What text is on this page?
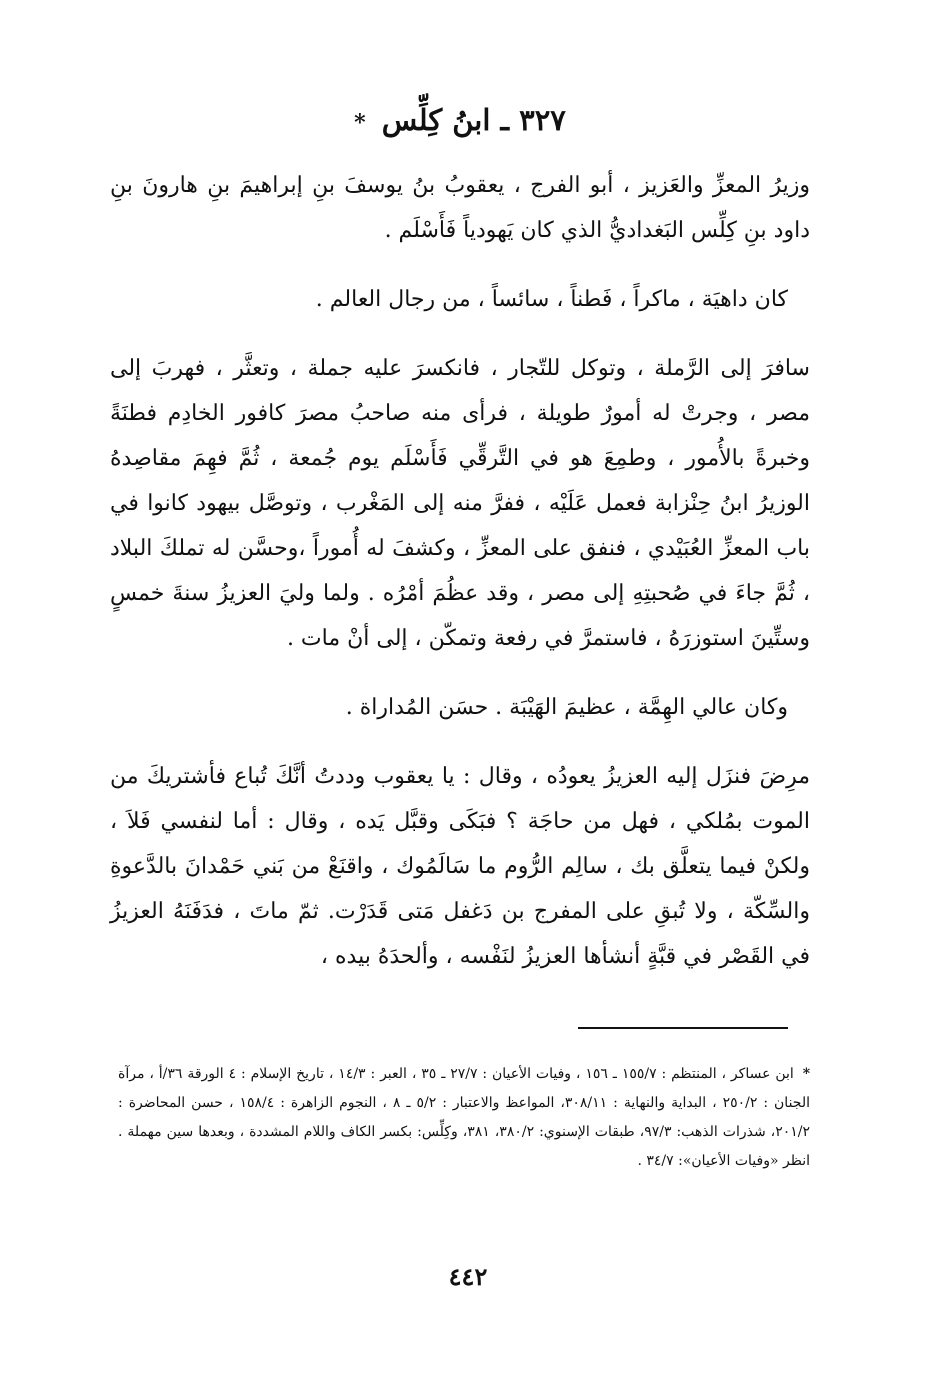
٣٢٧ ـ ابنُ كِلِّس *

وزيرُ المعزِّ والعَزيز ، أبو الفرج ، يعقوبُ بنُ يوسفَ بنِ إبراهيمَ بنِ هارونَ بنِ داود بنِ كِلِّس البَغداديُّ الذي كان يَهودياً فَأَسْلَم .

كان داهيَة ، ماكراً ، فَطناً ، سائساً ، من رجال العالم .

سافرَ إلى الرَّملة ، وتوكل للتّجار ، فانكسرَ عليه جملة ، وتعثَّر ، فهربَ إلى مصر ، وجرتْ له أمورٌ طويلة ، فرأى منه صاحبُ مصرَ كافور الخادِم فطنَةً وخبرةً بالأُمور ، وطمِعَ هو في التَّرقِّي فَأَسْلَم يوم جُمعة ، ثُمَّ فهِمَ مقاصِدهُ الوزيرُ ابنُ حِنْزابة فعمل عَلَيْه ، ففرَّ منه إلى المَغْرب ، وتوصَّل بيهود كانوا في باب المعزِّ العُبَيْدي ، فنفق على المعزِّ ، وكشفَ له أُموراً ،وحسَّن له تملكَ البلاد ، ثُمَّ جاءَ في صُحبتِهِ إلى مصر ، وقد عظُمَ أمْرُه . ولما وليَ العزيزُ سنةَ خمسٍ وستِّينَ استوزرَهُ ، فاستمرَّ في رفعة وتمكّن ، إلى أنْ مات .

وكان عالي الهِمَّة ، عظيمَ الهَيْبَة . حسَن المُداراة .

مرِضَ فنزَل إليه العزيزُ يعودُه ، وقال : يا يعقوب وددتُ أنَّكَ تُباع فأشتريكَ من الموت بمُلكي ، فهل من حاجَة ؟ فبَكَى وقبَّل يَده ، وقال : أما لنفسي فَلاَ ، ولكنْ فيما يتعلَّق بك ، سالِم الرُّوم ما سَالَمُوك ، واقنَعْ من بَني حَمْدانَ بالدَّعوةِ والسِّكّة ، ولا تُبقِ على المفرج بن دَغفل مَتى قَدَرْت. ثمّ ماتَ ، فدَفَنَهُ العزيزُ في القَصْر في قبَّةٍ أنشأها العزيزُ لنَفْسه ، وألحدَهُ بيده ،

* ابن عساكر ، المنتظم : ١٥٥/٧ ـ ١٥٦ ، وفيات الأعيان : ٢٧/٧ ـ ٣٥ ، العبر : ١٤/٣ ، تاريخ الإسلام : ٤ الورقة ٣٦/أ ، مرآة الجنان : ٢٥٠/٢ ، البداية والنهاية : ٣٠٨/١١، المواعظ والاعتبار : ٥/٢ ـ ٨ ، النجوم الزاهرة : ١٥٨/٤ ، حسن المحاضرة : ٢٠١/٢، شذرات الذهب: ٩٧/٣، طبقات الإسنوي: ٣٨٠/٢، ٣٨١، وكِلِّس: بكسر الكاف واللام المشددة ، وبعدها سين مهملة . انظر «وفيات الأعيان»: ٣٤/٧ .
٤٤٢
